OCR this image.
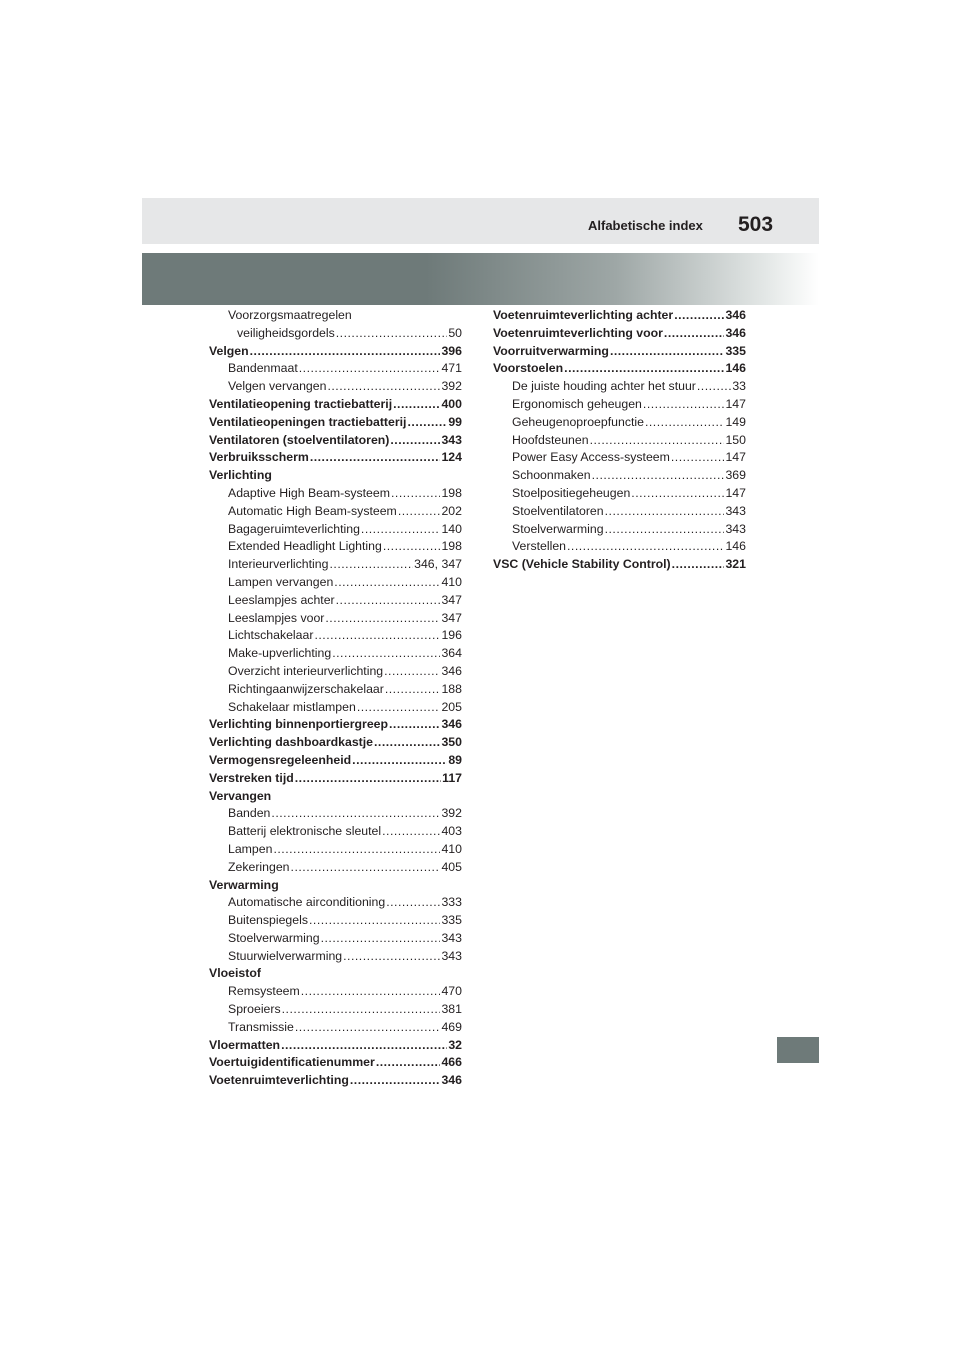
Alfabetische index 503
Voorzorgsmaatregelen
veiligheidsgordels .....	50
Velgen .....	396
Bandenmaat .....	471
Velgen vervangen .....	392
Ventilatieopening tractiebatterij .....	400
Ventilatieopeningen tractiebatterij .....	99
Ventilatoren (stoelventilatoren) .....	343
Verbruiksscherm .....	124
Verlichting
Adaptive High Beam-systeem .....	198
Automatic High Beam-systeem .....	202
Bagageruimteverlichting .....	140
Extended Headlight Lighting .....	198
Interieurverlichting .....	346, 347
Lampen vervangen .....	410
Leeslampjes achter .....	347
Leeslampjes voor .....	347
Lichtschakelaar .....	196
Make-upverlichting .....	364
Overzicht interieurverlichting .....	346
Richtingaanwijzerschakelaar .....	188
Schakelaar mistlampen .....	205
Verlichting binnenportiergreep .....	346
Verlichting dashboardkastje .....	350
Vermogensregeleenheid .....	89
Verstreken tijd .....	117
Vervangen
Banden .....	392
Batterij elektronische sleutel .....	403
Lampen .....	410
Zekeringen .....	405
Verwarming
Automatische airconditioning .....	333
Buitenspiegels .....	335
Stoelverwarming .....	343
Stuurwielverwarming .....	343
Vloeistof
Remsysteem .....	470
Sproeiers .....	381
Transmissie .....	469
Vloermatten .....	32
Voertuigidentificatienummer .....	466
Voetenruimteverlichting .....	346
Voetenruimteverlichting achter .....	346
Voetenruimteverlichting voor .....	346
Voorruitverwarming .....	335
Voorstoelen .....	146
De juiste houding achter het stuur .....	33
Ergonomisch geheugen .....	147
Geheugenoproepfunctie .....	149
Hoofdsteunen .....	150
Power Easy Access-systeem .....	147
Schoonmaken .....	369
Stoelpositiegeheugen .....	147
Stoelventilatoren .....	343
Stoelverwarming .....	343
Verstellen .....	146
VSC (Vehicle Stability Control) .....	321
